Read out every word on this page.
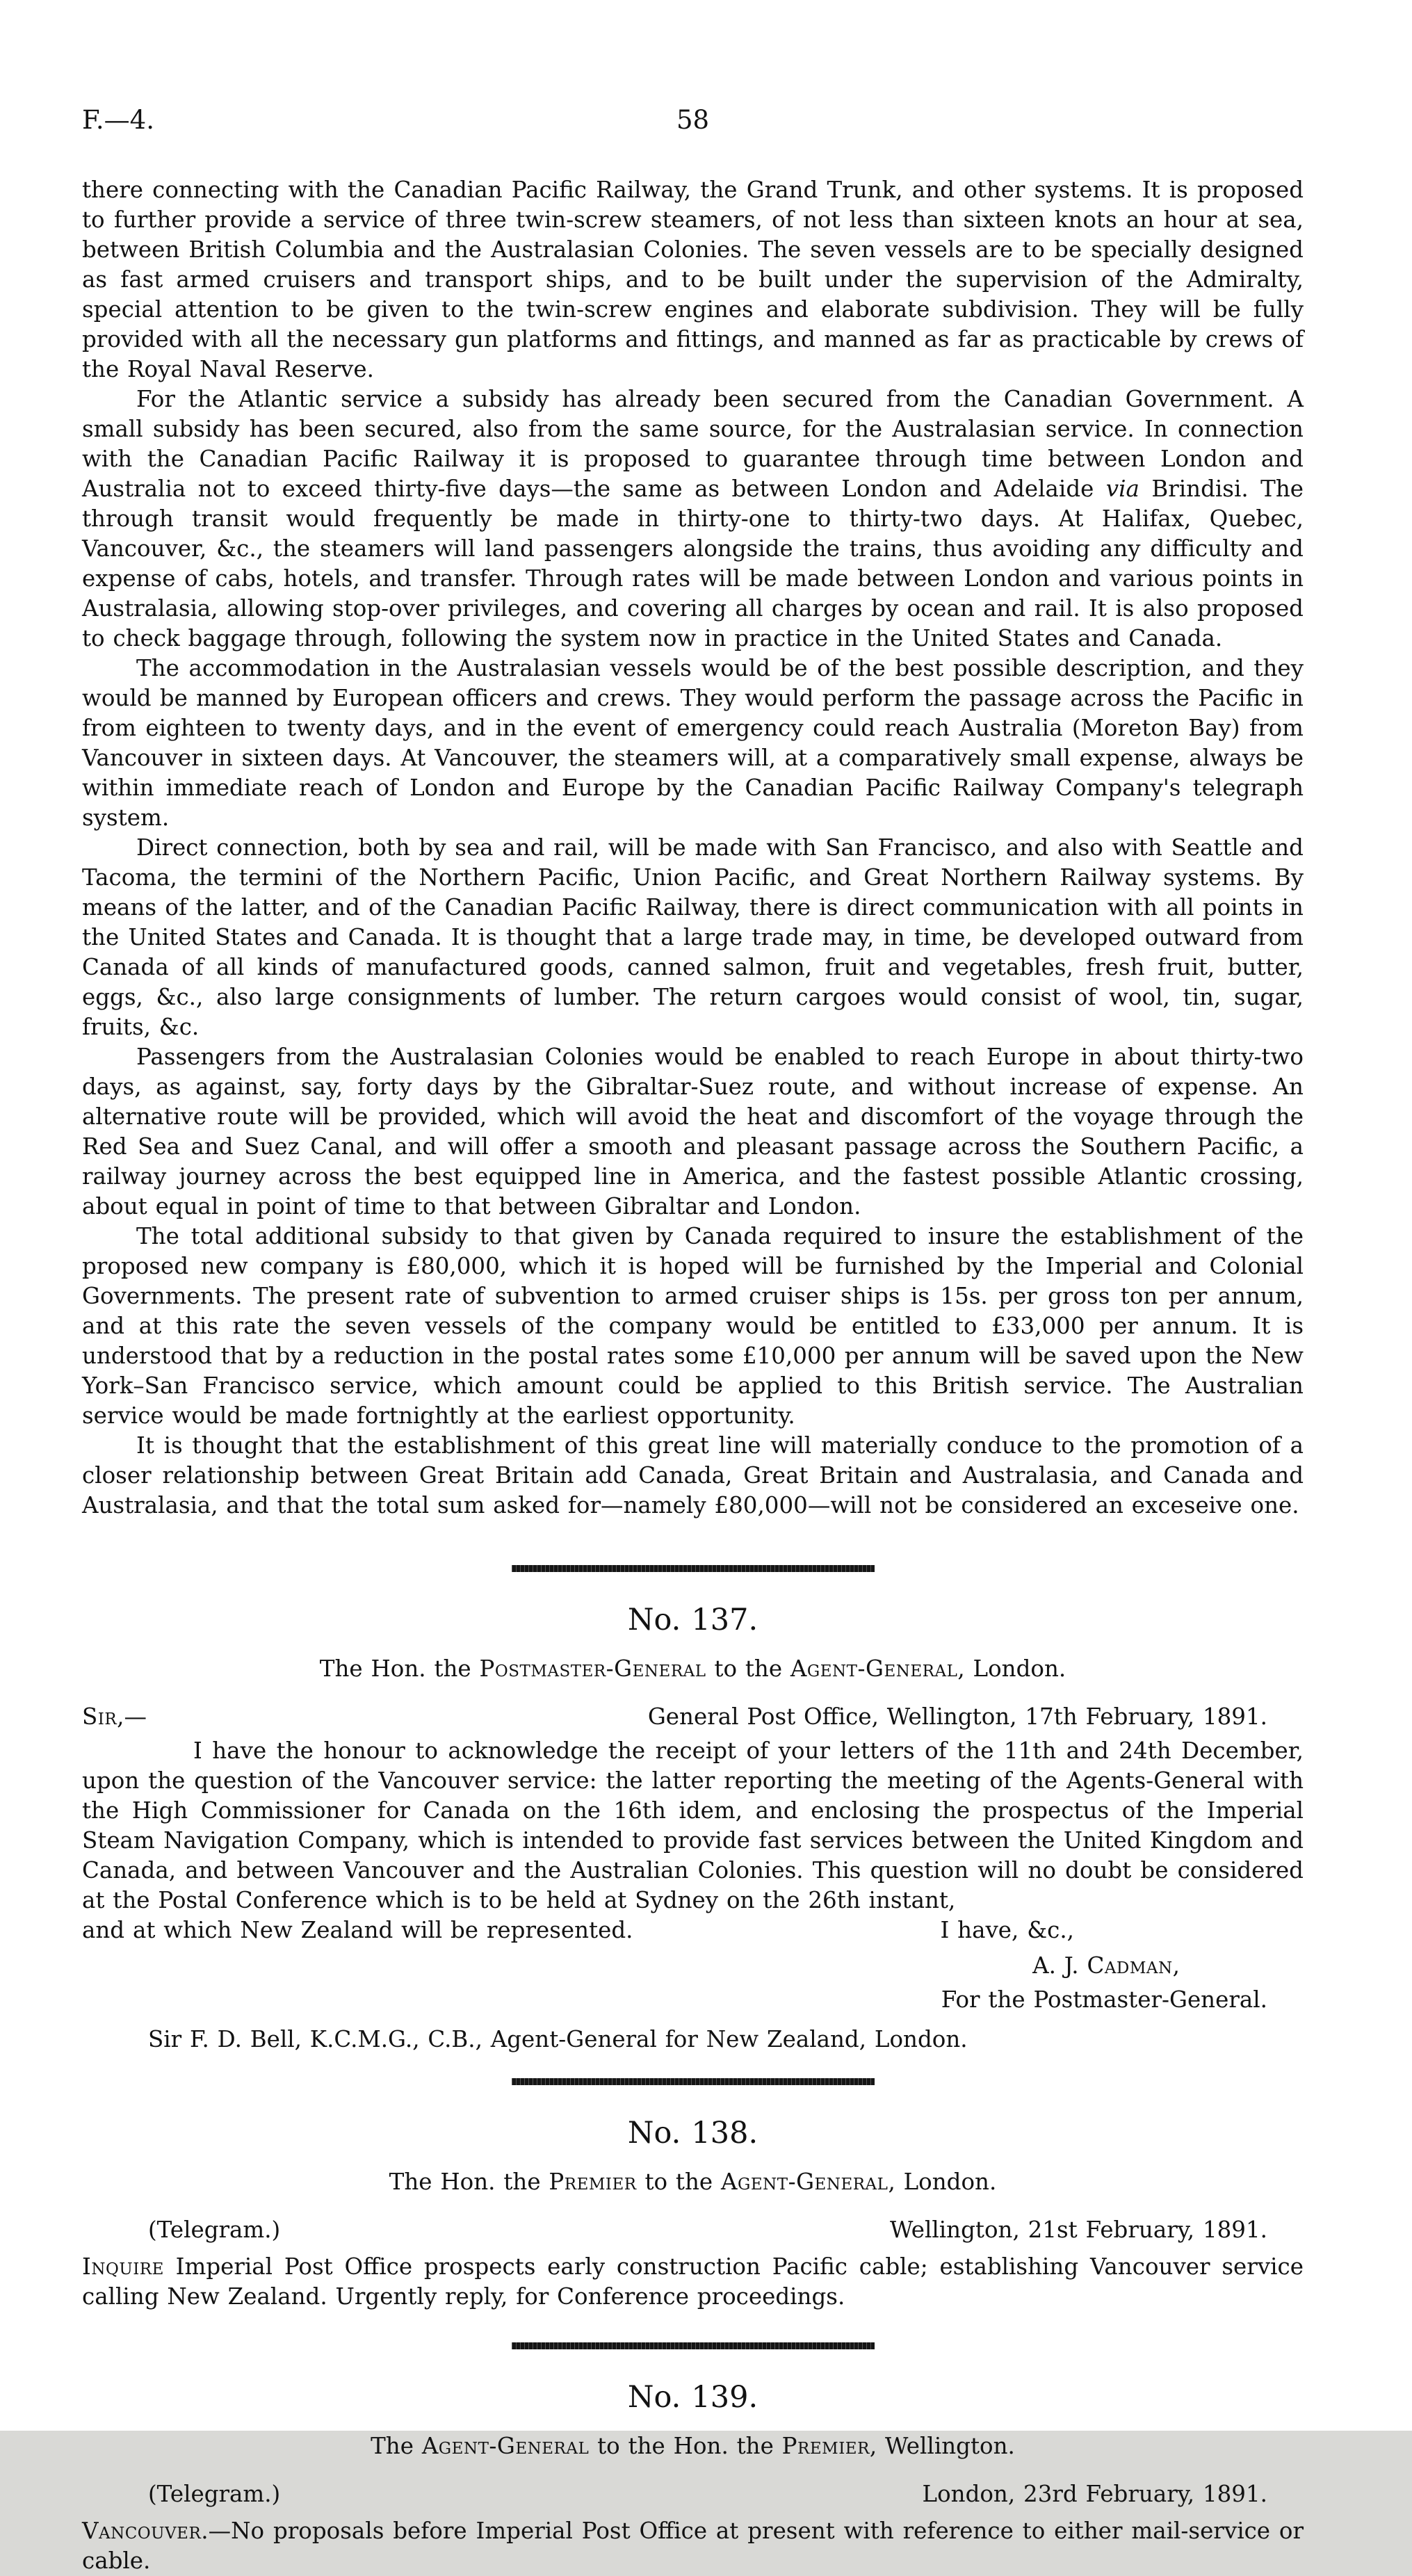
F.—4.	58

there connecting with the Canadian Pacific Railway, the Grand Trunk, and other systems. It is proposed to further provide a service of three twin-screw steamers, of not less than sixteen knots an hour at sea, between British Columbia and the Australasian Colonies. The seven vessels are to be specially designed as fast armed cruisers and transport ships, and to be built under the supervision of the Admiralty, special attention to be given to the twin-screw engines and elaborate subdivision. They will be fully provided with all the necessary gun platforms and fittings, and manned as far as practicable by crews of the Royal Naval Reserve.

For the Atlantic service a subsidy has already been secured from the Canadian Government. A small subsidy has been secured, also from the same source, for the Australasian service. In connection with the Canadian Pacific Railway it is proposed to guarantee through time between London and Australia not to exceed thirty-five days—the same as between London and Adelaide via Brindisi. The through transit would frequently be made in thirty-one to thirty-two days. At Halifax, Quebec, Vancouver, &c., the steamers will land passengers alongside the trains, thus avoiding any difficulty and expense of cabs, hotels, and transfer. Through rates will be made between London and various points in Australasia, allowing stop-over privileges, and covering all charges by ocean and rail. It is also proposed to check baggage through, following the system now in practice in the United States and Canada.

The accommodation in the Australasian vessels would be of the best possible description, and they would be manned by European officers and crews. They would perform the passage across the Pacific in from eighteen to twenty days, and in the event of emergency could reach Australia (Moreton Bay) from Vancouver in sixteen days. At Vancouver, the steamers will, at a comparatively small expense, always be within immediate reach of London and Europe by the Canadian Pacific Railway Company's telegraph system.

Direct connection, both by sea and rail, will be made with San Francisco, and also with Seattle and Tacoma, the termini of the Northern Pacific, Union Pacific, and Great Northern Railway systems. By means of the latter, and of the Canadian Pacific Railway, there is direct communication with all points in the United States and Canada. It is thought that a large trade may, in time, be developed outward from Canada of all kinds of manufactured goods, canned salmon, fruit and vegetables, fresh fruit, butter, eggs, &c., also large consignments of lumber. The return cargoes would consist of wool, tin, sugar, fruits, &c.

Passengers from the Australasian Colonies would be enabled to reach Europe in about thirty-two days, as against, say, forty days by the Gibraltar-Suez route, and without increase of expense. An alternative route will be provided, which will avoid the heat and discomfort of the voyage through the Red Sea and Suez Canal, and will offer a smooth and pleasant passage across the Southern Pacific, a railway journey across the best equipped line in America, and the fastest possible Atlantic crossing, about equal in point of time to that between Gibraltar and London.

The total additional subsidy to that given by Canada required to insure the establishment of the proposed new company is £80,000, which it is hoped will be furnished by the Imperial and Colonial Governments. The present rate of subvention to armed cruiser ships is 15s. per gross ton per annum, and at this rate the seven vessels of the company would be entitled to £33,000 per annum. It is understood that by a reduction in the postal rates some £10,000 per annum will be saved upon the New York–San Francisco service, which amount could be applied to this British service. The Australian service would be made fortnightly at the earliest opportunity.

It is thought that the establishment of this great line will materially conduce to the promotion of a closer relationship between Great Britain add Canada, Great Britain and Australasia, and Canada and Australasia, and that the total sum asked for—namely £80,000—will not be considered an exceseive one.

No. 137.
The Hon. the Postmaster-General to the Agent-General, London.
Sir,—	General Post Office, Wellington, 17th February, 1891.

I have the honour to acknowledge the receipt of your letters of the 11th and 24th December, upon the question of the Vancouver service: the latter reporting the meeting of the Agents-General with the High Commissioner for Canada on the 16th idem, and enclosing the prospectus of the Imperial Steam Navigation Company, which is intended to provide fast services between the United Kingdom and Canada, and between Vancouver and the Australian Colonies. This question will no doubt be considered at the Postal Conference which is to be held at Sydney on the 26th instant,

and at which New Zealand will be represented.	I have, &c.,
A. J. Cadman,
For the Postmaster-General.
Sir F. D. Bell, K.C.M.G., C.B., Agent-General for New Zealand, London.
No. 138.
The Hon. the Premier to the Agent-General, London.
(Telegram.)	Wellington, 21st February, 1891.

Inquire Imperial Post Office prospects early construction Pacific cable; establishing Vancouver service calling New Zealand. Urgently reply, for Conference proceedings.

No. 139.
The Agent-General to the Hon. the Premier, Wellington.
(Telegram.)	London, 23rd February, 1891.

Vancouver.—No proposals before Imperial Post Office at present with reference to either mail-service or cable.
